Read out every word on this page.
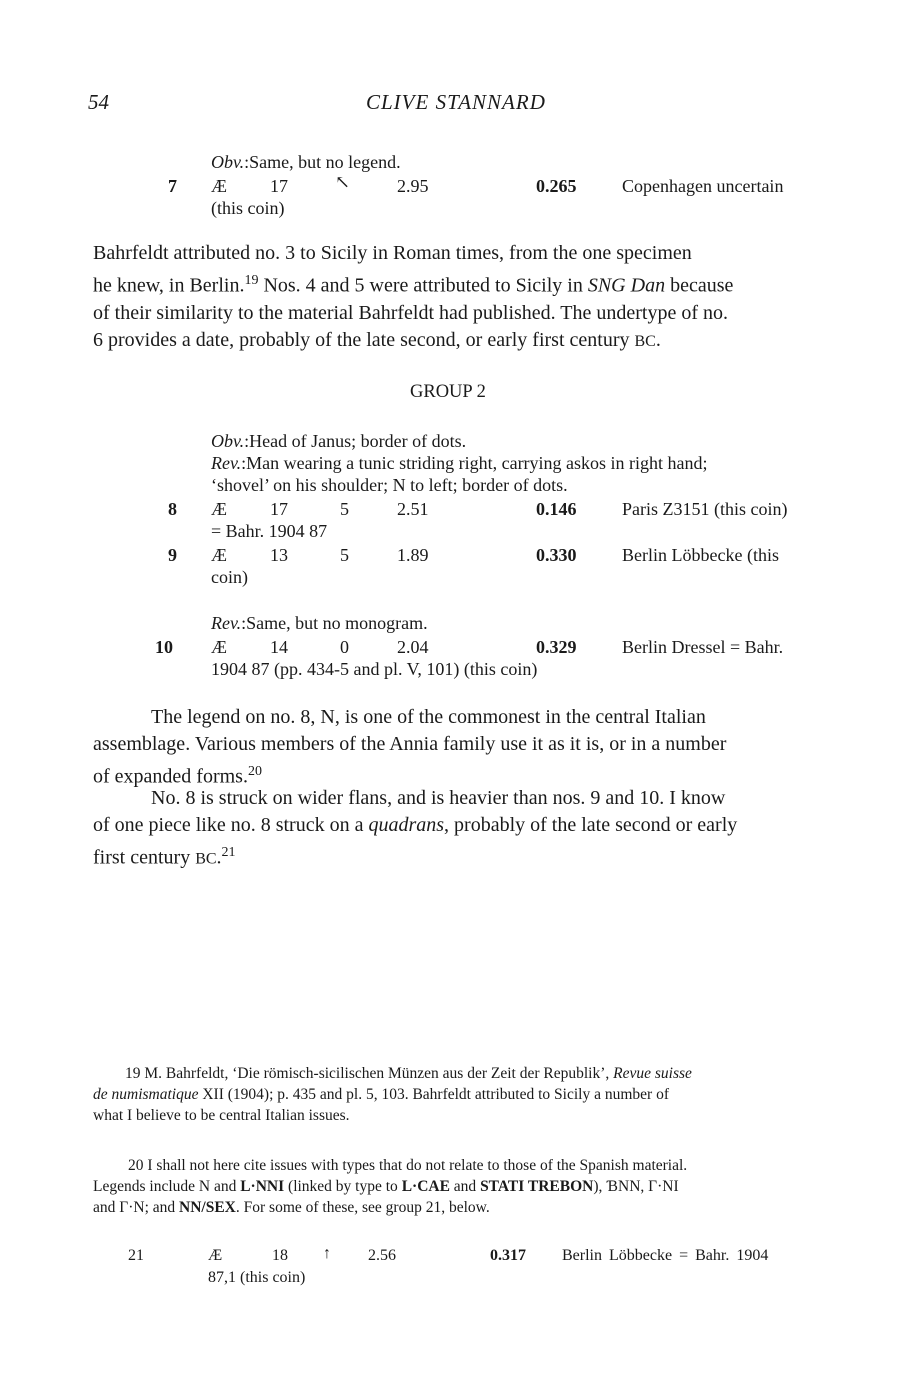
54	CLIVE STANNARD
Obv.:Same, but no legend.
7 Æ 17	↖	2.95	0.265	Copenhagen uncertain
(this coin)
Bahrfeldt attributed no. 3 to Sicily in Roman times, from the one specimen
he knew, in Berlin.$^{19}$ Nos. 4 and 5 were attributed to Sicily in SNG Dan because
of their similarity to the material Bahrfeldt had published. The undertype of no.
6 provides a date, probably of the late second, or early first century BC.
GROUP 2
Obv.:Head of Janus; border of dots.
Rev.:Man wearing a tunic striding right, carrying askos in right hand;
‘shovel’ on his shoulder; Ν to left; border of dots.
8 Æ 17	5	2.51	0.146	Paris Z3151 (this coin)
= Bahr. 1904 87
9 Æ 13	5	1.89	0.330	Berlin Löbbecke (this
coin)
Rev.:Same, but no monogram.
10 Æ 14	0	2.04	0.329	Berlin Dressel = Bahr.
1904 87 (pp. 434-5 and pl. V, 101) (this coin)
The legend on no. 8, Ν, is one of the commonest in the central Italian
assemblage. Various members of the Annia family use it as it is, or in a number
of expanded forms.$^{20}$
No. 8 is struck on wider flans, and is heavier than nos. 9 and 10. I know
of one piece like no. 8 struck on a quadrans, probably of the late second or early
first century BC.$^{21}$
19 M. Bahrfeldt, ‘Die römisch-sicilischen Münzen aus der Zeit der Republik’, Revue suisse
de numismatique XII (1904); p. 435 and pl. 5, 103. Bahrfeldt attributed to Sicily a number of
what I believe to be central Italian issues.
20 I shall not here cite issues with types that do not relate to those of the Spanish material.
Legends include Ν and L·ΝNI (linked by type to L·CAE and STATI TREBON), ƁΝN, Γ·ΝI
and Γ·Ν; and ΝN/SEX. For some of these, see group 21, below.
21	Æ	18 ↑ 2.56	0.317 Berlin Löbbecke = Bahr. 1904
87,1 (this coin)
